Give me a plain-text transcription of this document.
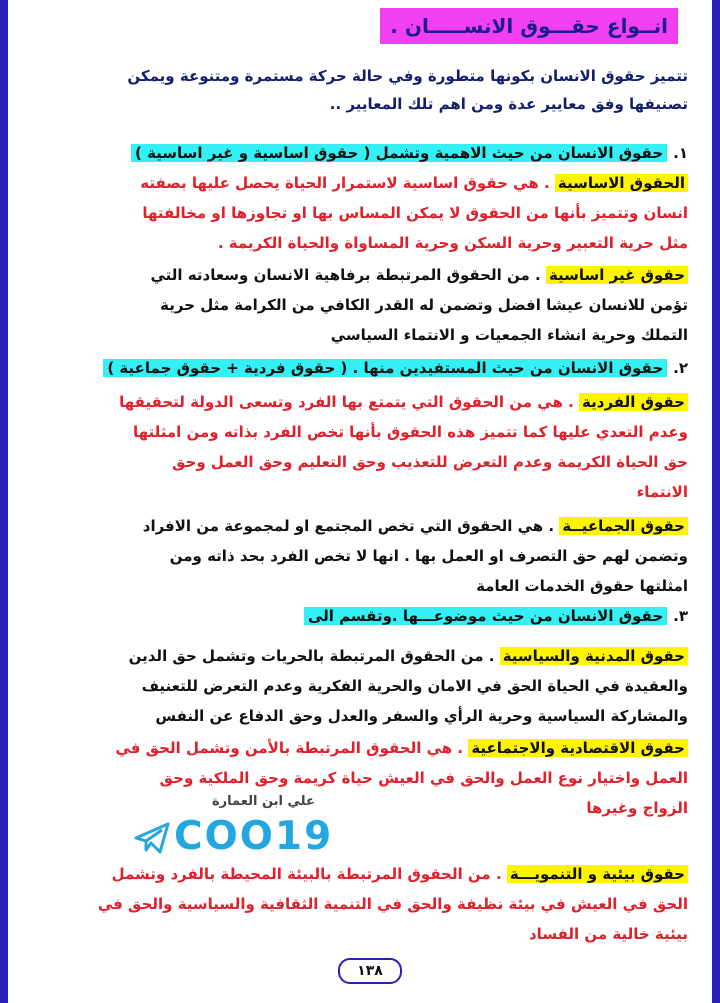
انــواع حقـــوق الانســـــان .
تتميز حقوق الانسان بكونها متطورة وفي حالة حركة مستمرة ومتنوعة ويمكن
تصنيفها وفق معايير عدة ومن اهم تلك المعايير ..
١.حقوق الانسان من حيث الاهمية وتشمل ( حقوق اساسية و غير اساسية )
الحقوق الاساسية . هي حقوق اساسية لاستمرار الحياة يحصل عليها بصفته
انسان وتتميز بأنها من الحقوق لا يمكن المساس بها او تجاوزها او مخالفتها
مثل حرية التعبير وحرية السكن وحرية المساواة والحياة الكريمة .
حقوق غير اساسية . من الحقوق المرتبطة برفاهية الانسان وسعادته التي
تؤمن للانسان عيشا افضل وتضمن له القدر الكافي من الكرامة مثل حرية
التملك وحرية انشاء الجمعيات و الانتماء السياسي
٢.حقوق الانسان من حيث المستفيدين منها . ( حقوق فردية + حقوق جماعية )
حقوق الفردية . هي من الحقوق التي يتمتع بها الفرد وتسعى الدولة لتحقيقها
وعدم التعدي عليها كما تتميز هذه الحقوق بأنها تخص الفرد بذاته ومن امثلتها
حق الحياة الكريمة وعدم التعرض للتعذيب وحق التعليم وحق العمل وحق
الانتماء
حقوق الجماعيــة . هي الحقوق التي تخص المجتمع او لمجموعة من الافراد
وتضمن لهم حق التصرف او العمل بها . انها لا تخص الفرد بحد ذاته ومن
امثلتها حقوق الخدمات العامة
٣.حقوق الانسان من حيث موضوعـــها .وتقسم الى
حقوق المدنية والسياسية . من الحقوق المرتبطة بالحريات وتشمل حق الدين
والعقيدة في الحياة الحق في الامان والحرية الفكرية وعدم التعرض للتعنيف
والمشاركة السياسية وحرية الرأي والسفر والعدل وحق الدفاع عن النفس
حقوق الاقتصادية والاجتماعية . هي الحقوق المرتبطة بالأمن وتشمل الحق في
العمل واختيار نوع العمل والحق في العيش حياة كريمة وحق الملكية وحق
الزواج وغيرها
حقوق بيئية و التنمويـــة . من الحقوق المرتبطة بالبيئة المحيطة بالفرد وتشمل
الحق في العيش في بيئة نظيفة والحق في التنمية الثقافية والسياسية والحق في
بيئية خالية من الفساد
علي ابن العمارة
COO19
١٣٨
